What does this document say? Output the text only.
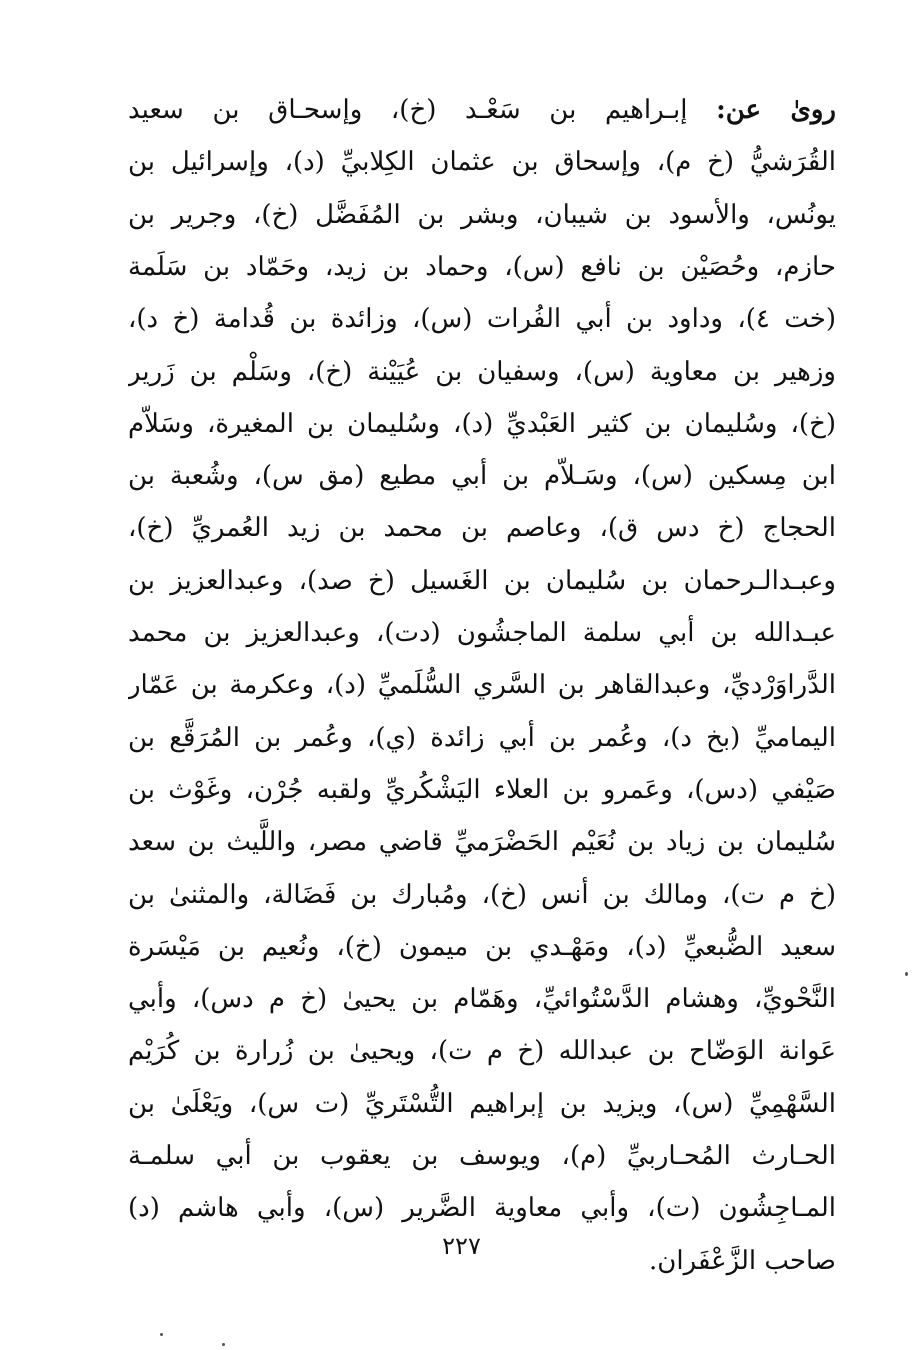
روىٰ عن: إبـراهيم بن سَعْـد (خ)، وإسحـاق بن سعيد
القُرَشيُّ (خ م)، وإسحاق بن عثمان الكِلابيِّ (د)، وإسرائيل بن
يونُس، والأسود بن شيبان، وبشر بن المُفَضَّل (خ)، وجرير بن
حازم، وحُصَيْن بن نافع (س)، وحماد بن زيد، وحَمّاد بن سَلَمة
(خت ٤)، وداود بن أبي الفُرات (س)، وزائدة بن قُدامة (خ د)،
وزهير بن معاوية (س)، وسفيان بن عُيَيْنة (خ)، وسَلْم بن زَرير
(خ)، وسُليمان بن كثير العَبْديِّ (د)، وسُليمان بن المغيرة، وسَلاّم
ابن مِسكين (س)، وسَـلاّم بن أبي مطيع (مق س)، وشُعبة بن
الحجاج (خ دس ق)، وعاصم بن محمد بن زيد العُمريِّ (خ)،
وعبـدالـرحمان بن سُليمان بن الغَسيل (خ صد)، وعبدالعزيز بن
عبـدالله بن أبي سلمة الماجشُون (دت)، وعبدالعزيز بن محمد
الدَّراوَرْديِّ، وعبدالقاهر بن السَّري السُّلَميِّ (د)، وعكرمة بن عَمّار
اليماميِّ (بخ د)، وعُمر بن أبي زائدة (ي)، وعُمر بن المُرَقَّع بن
صَيْفي (دس)، وعَمرو بن العلاء اليَشْكُريِّ ولقبه جُرْن، وغَوْث بن
سُليمان بن زياد بن نُعَيْم الحَضْرَميِّ قاضي مصر، واللَّيث بن سعد
(خ م ت)، ومالك بن أنس (خ)، ومُبارك بن فَضَالة، والمثنىٰ بن
سعيد الضُّبعيِّ (د)، ومَهْـدي بن ميمون (خ)، ونُعيم بن مَيْسَرة
النَّحْويِّ، وهشام الدَّسْتُوائيِّ، وهَمّام بن يحيىٰ (خ م دس)، وأبي
عَوانة الوَضّاح بن عبدالله (خ م ت)، ويحيىٰ بن زُرارة بن كُرَيْم
السَّهْمِيِّ (س)، ويزيد بن إبراهيم التُّسْتَريِّ (ت س)، ويَعْلَىٰ بن
الحـارث المُحـاربيِّ (م)، ويوسف بن يعقوب بن أبي سلمـة
المـاجِشُون (ت)، وأبي معاوية الضَّرير (س)، وأبي هاشم (د)
صاحب الزَّعْفَران.
٢٢٧
